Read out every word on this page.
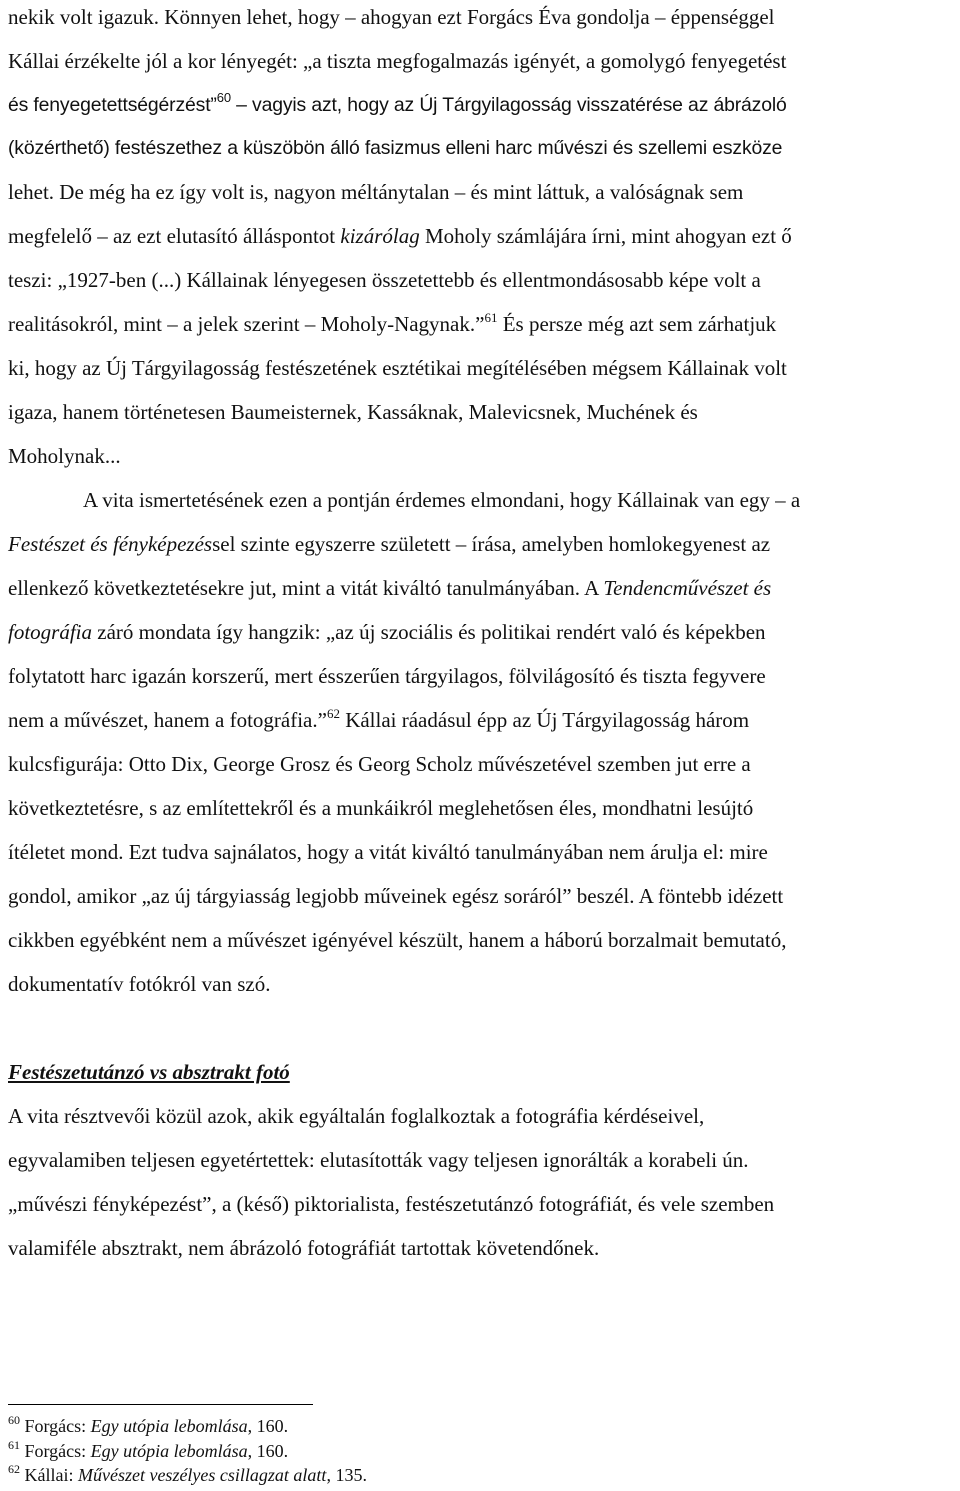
nekik volt igazuk. Könnyen lehet, hogy – ahogyan ezt Forgács Éva gondolja – éppenséggel
Kállai érzékelte jól a kor lényegét: „a tiszta megfogalmazás igényét, a gomolygó fenyegetést
és fenyegetettségérzést”$^{60}$ – vagyis azt, hogy az Új Tárgyilagosság visszatérése az ábrázoló
(közérthető) festészethez a küszöbön álló fasizmus elleni harc művészi és szellemi eszköze
lehet. De még ha ez így volt is, nagyon méltánytalan – és mint láttuk, a valóságnak sem
megfelelő – az ezt elutasító álláspontot kizárólag Moholy számlájára írni, mint ahogyan ezt ő
teszi: „1927-ben (...) Kállainak lényegesen összetettebb és ellentmondásosabb képe volt a
realitásokról, mint – a jelek szerint – Moholy-Nagynak.”$^{61}$ És persze még azt sem zárhatjuk
ki, hogy az Új Tárgyilagosság festészetének esztétikai megítélésében mégsem Kállainak volt
igaza, hanem történetesen Baumeisternek, Kassáknak, Malevicsnek, Muchének és
Moholynak...
A vita ismertetésének ezen a pontján érdemes elmondani, hogy Kállainak van egy – a
Festészet és fényképezéssel szinte egyszerre született – írása, amelyben homlokegyenest az
ellenkező következtetésekre jut, mint a vitát kiváltó tanulmányában. A Tendencművészet és
fotográfia záró mondata így hangzik: „az új szociális és politikai rendért való és képekben
folytatott harc igazán korszerű, mert ésszerűen tárgyilagos, fölvilágosító és tiszta fegyvere
nem a művészet, hanem a fotográfia.”$^{62}$ Kállai ráadásul épp az Új Tárgyilagosság három
kulcsfigurája: Otto Dix, George Grosz és Georg Scholz művészetével szemben jut erre a
következtetésre, s az említettekről és a munkáikról meglehetősen éles, mondhatni lesújtó
ítéletet mond. Ezt tudva sajnálatos, hogy a vitát kiváltó tanulmányában nem árulja el: mire
gondol, amikor „az új tárgyiasság legjobb műveinek egész soráról” beszél. A föntebb idézett
cikkben egyébként nem a művészet igényével készült, hanem a háború borzalmait bemutató,
dokumentatív fotókról van szó.
Festészetutánzó vs absztrakt fotó
A vita résztvevői közül azok, akik egyáltalán foglalkoztak a fotográfia kérdéseivel,
egyvalamiben teljesen egyetértettek: elutasították vagy teljesen ignorálták a korabeli ún.
„művészi fényképezést”, a (késő) piktorialista, festészetutánzó fotográfiát, és vele szemben
valamiféle absztrakt, nem ábrázoló fotográfiát tartottak követendőnek.
$^{60}$ Forgács: Egy utópia lebomlása, 160.
$^{61}$ Forgács: Egy utópia lebomlása, 160.
$^{62}$ Kállai: Művészet veszélyes csillagzat alatt, 135.
